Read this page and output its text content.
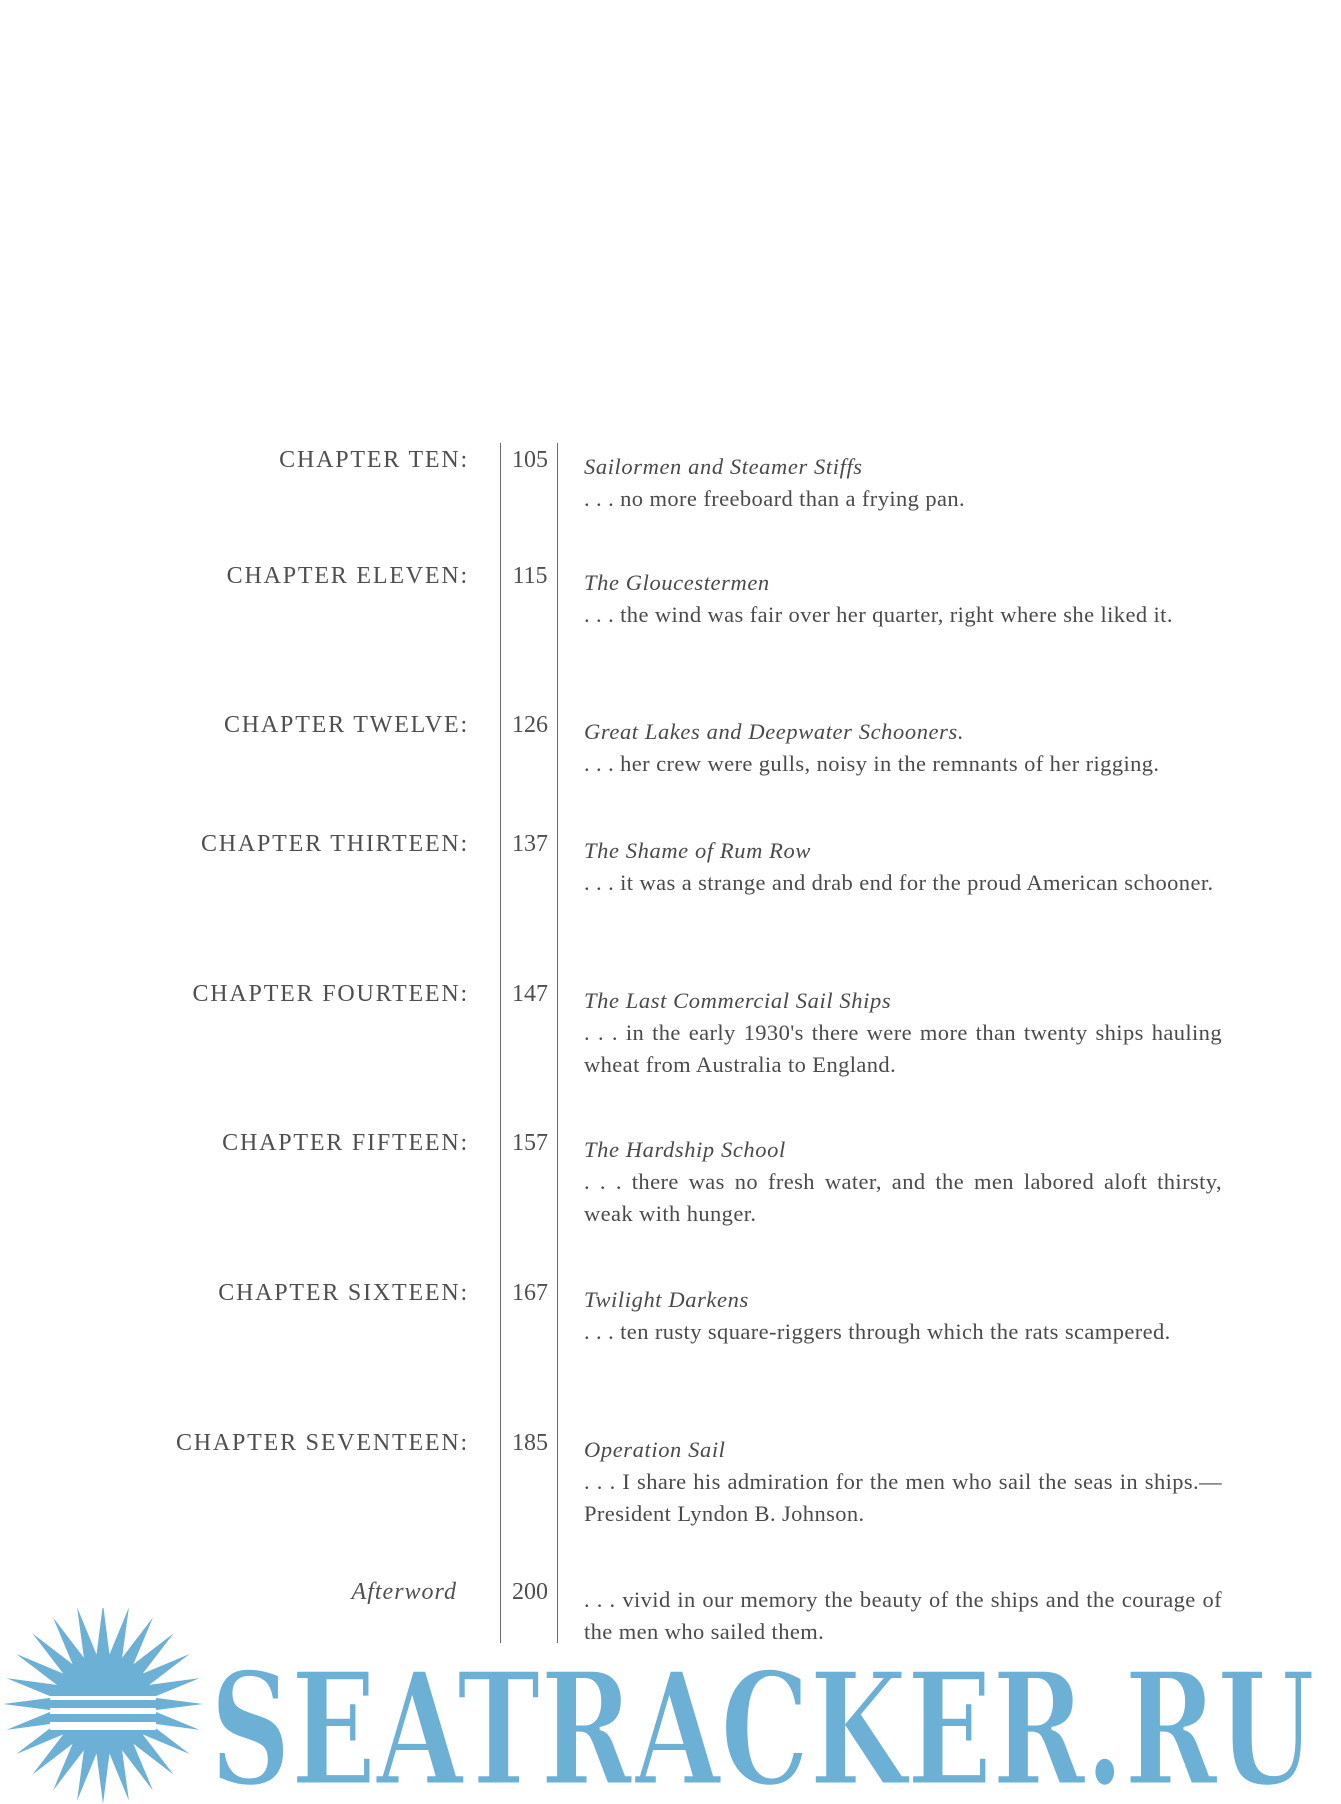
CHAPTER TEN:	105	Sailormen and Steamer Stiffs
. . . no more freeboard than a frying pan.
CHAPTER ELEVEN:	115	The Gloucestermen
. . . the wind was fair over her quarter, right where she liked it.
CHAPTER TWELVE:	126	Great Lakes and Deepwater Schooners.
. . . her crew were gulls, noisy in the remnants of her rigging.
CHAPTER THIRTEEN:	137	The Shame of Rum Row
. . . it was a strange and drab end for the proud American schooner.
CHAPTER FOURTEEN:	147	The Last Commercial Sail Ships
. . . in the early 1930's there were more than twenty ships hauling wheat from Australia to England.
CHAPTER FIFTEEN:	157	The Hardship School
. . . there was no fresh water, and the men labored aloft thirsty, weak with hunger.
CHAPTER SIXTEEN:	167	Twilight Darkens
. . . ten rusty square-riggers through which the rats scampered.
CHAPTER SEVENTEEN:	185	Operation Sail
. . . I share his admiration for the men who sail the seas in ships.—President Lyndon B. Johnson.
Afterword	200	. . . vivid in our memory the beauty of the ships and the courage of the men who sailed them.
SEATRACKER.RU
